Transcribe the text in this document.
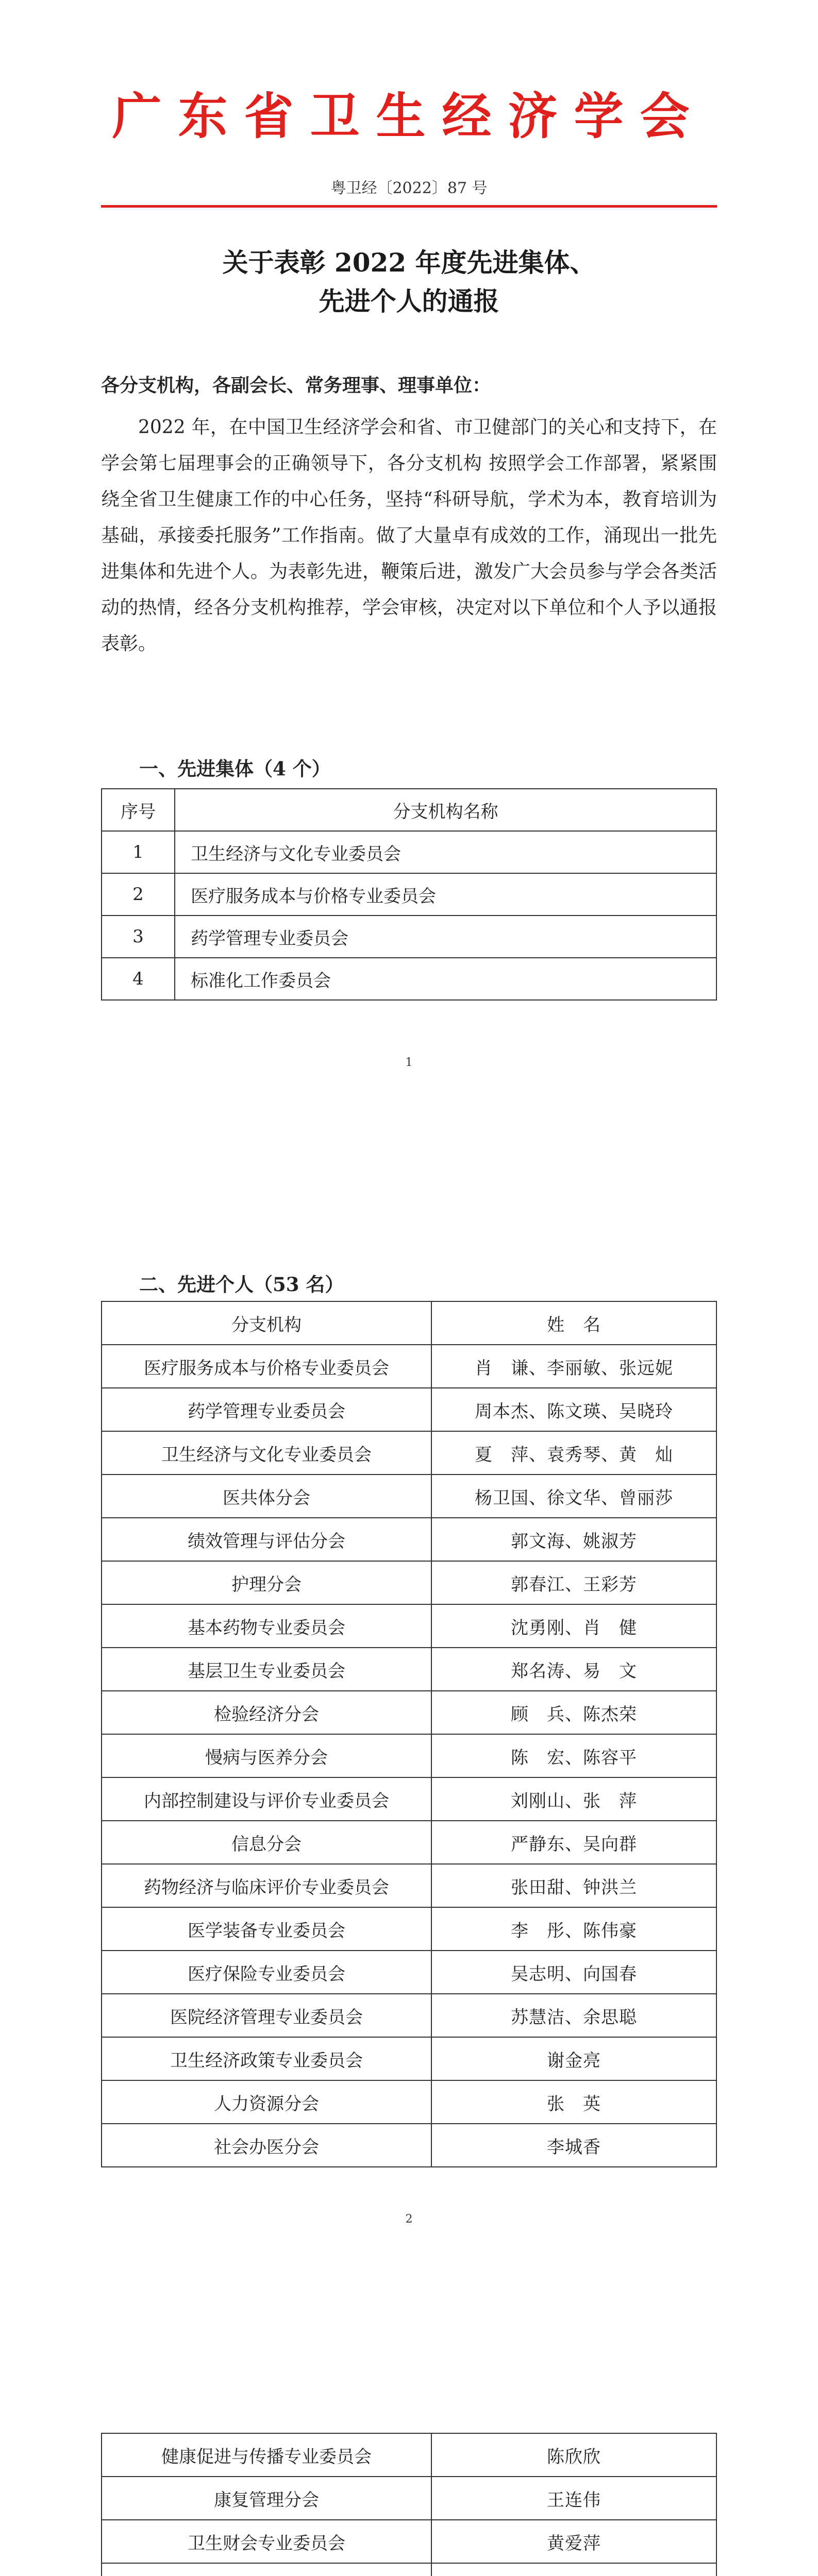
广东省卫生经济学会
粤卫经〔2022〕87 号
关于表彰 2022 年度先进集体、
先进个人的通报
各分支机构，各副会长、常务理事、理事单位：

2022 年，在中国卫生经济学会和省、市卫健部门的关心和支持下，在学会第七届理事会的正确领导下，各分支机构 按照学会工作部署，紧紧围绕全省卫生健康工作的中心任务，坚持“科研导航，学术为本，教育培训为基础，承接委托服务”工作指南。做了大量卓有成效的工作，涌现出一批先进集体和先进个人。为表彰先进，鞭策后进，激发广大会员参与学会各类活动的热情，经各分支机构推荐，学会审核，决定对以下单位和个人予以通报表彰。

一、先进集体（4 个）
序号	分支机构名称
1	卫生经济与文化专业委员会
2	医疗服务成本与价格专业委员会
3	药学管理专业委员会
4	标准化工作委员会
1
二、先进个人（53 名）
分支机构	姓　名
医疗服务成本与价格专业委员会	肖　谦、李丽敏、张远妮
药学管理专业委员会	周本杰、陈文瑛、吴晓玲
卫生经济与文化专业委员会	夏　萍、袁秀琴、黄　灿
医共体分会	杨卫国、徐文华、曾丽莎
绩效管理与评估分会	郭文海、姚淑芳
护理分会	郭春江、王彩芳
基本药物专业委员会	沈勇刚、肖　健
基层卫生专业委员会	郑名涛、易　文
检验经济分会	顾　兵、陈杰荣
慢病与医养分会	陈　宏、陈容平
内部控制建设与评价专业委员会	刘刚山、张　萍
信息分会	严静东、吴向群
药物经济与临床评价专业委员会	张田甜、钟洪兰
医学装备专业委员会	李　彤、陈伟豪
医疗保险专业委员会	吴志明、向国春
医院经济管理专业委员会	苏慧洁、余思聪
卫生经济政策专业委员会	谢金亮
人力资源分会	张　英
社会办医分会	李城香
2
健康促进与传播专业委员会	陈欣欣
康复管理分会	王连伟
卫生财会专业委员会	黄爱萍
